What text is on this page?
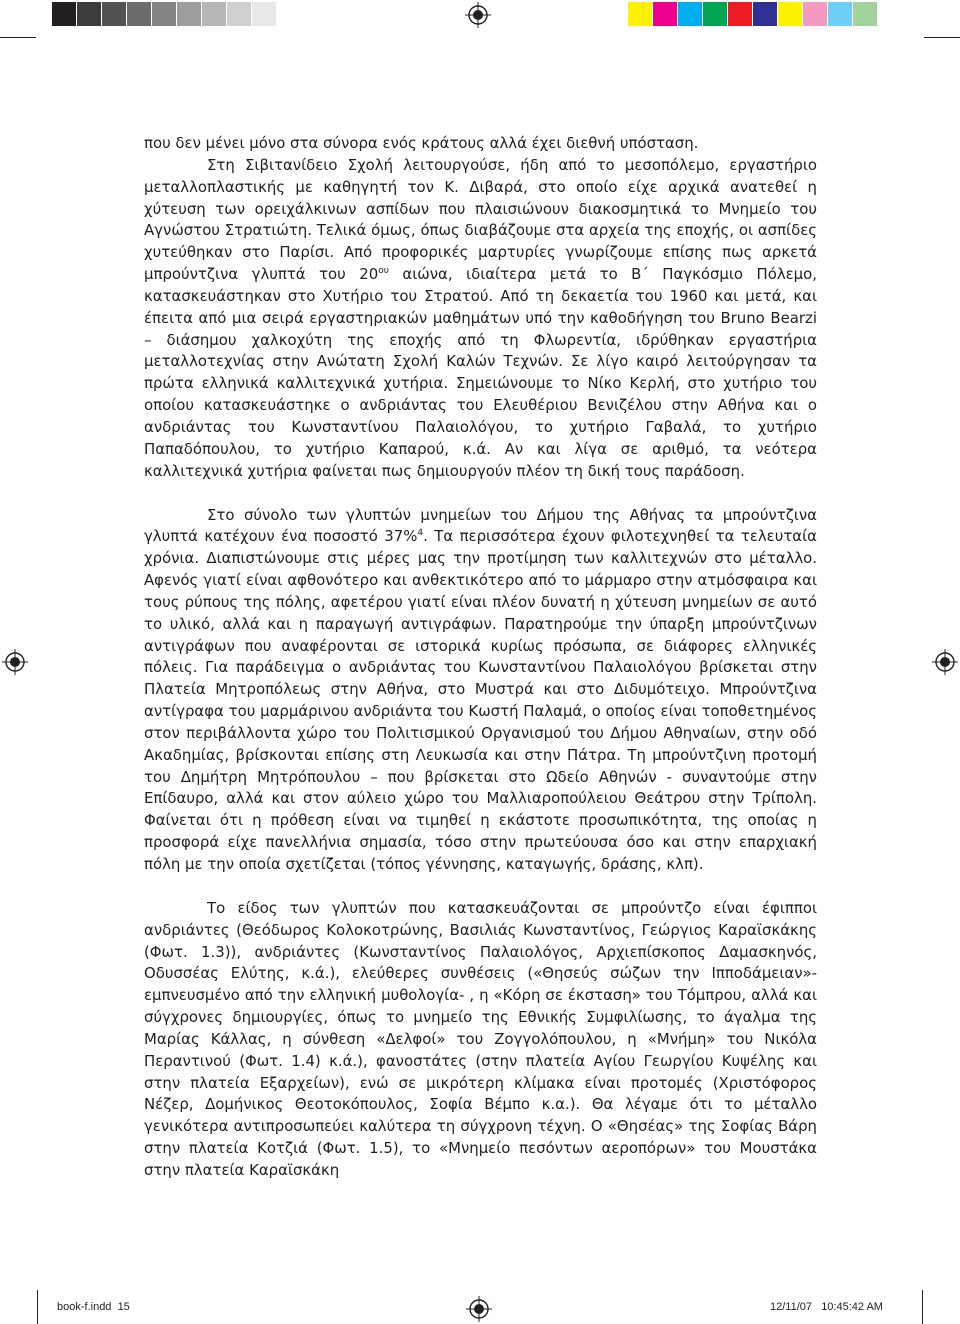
που δεν μένει μόνο στα σύνορα ενός κράτους αλλά έχει διεθνή υπόσταση.

Στη Σιβιτανίδειο Σχολή λειτουργούσε, ήδη από το μεσοπόλεμο, εργαστήριο μεταλλοπλαστικής με καθηγητή τον Κ. Διβαρά, στο οποίο είχε αρχικά ανατεθεί η χύτευση των ορειχάλκινων ασπίδων που πλαισιώνουν διακοσμητικά το Μνημείο του Αγνώστου Στρατιώτη. Τελικά όμως, όπως διαβάζουμε στα αρχεία της εποχής, οι ασπίδες χυτεύθηκαν στο Παρίσι. Από προφορικές μαρτυρίες γνωρίζουμε επίσης πως αρκετά μπρούντζινα γλυπτά του $20^{o\upsilon}$ αιώνα, ιδιαίτερα μετά το Β΄ Παγκόσμιο Πόλεμο, κατασκευάστηκαν στο Χυτήριο του Στρατού. Από τη δεκαετία του 1960 και μετά, και έπειτα από μια σειρά εργαστηριακών μαθημάτων υπό την καθοδήγηση του Bruno Bearzi – διάσημου χαλκοχύτη της εποχής από τη Φλωρεντία, ιδρύθηκαν εργαστήρια μεταλλοτεχνίας στην Ανώτατη Σχολή Καλών Τεχνών. Σε λίγο καιρό λειτούργησαν τα πρώτα ελληνικά καλλιτεχνικά χυτήρια. Σημειώνουμε το Νίκο Κερλή, στο χυτήριο του οποίου κατασκευάστηκε ο ανδριάντας του Ελευθέριου Βενιζέλου στην Αθήνα και ο ανδριάντας του Κωνσταντίνου Παλαιολόγου, το χυτήριο Γαβαλά, το χυτήριο Παπαδόπουλου, το χυτήριο Καπαρού, κ.ά. Αν και λίγα σε αριθμό, τα νεότερα καλλιτεχνικά χυτήρια φαίνεται πως δημιουργούν πλέον τη δική τους παράδοση.

Στο σύνολο των γλυπτών μνημείων του Δήμου της Αθήνας τα μπρούντζινα γλυπτά κατέχουν ένα ποσοστό 37%$^4$. Τα περισσότερα έχουν φιλοτεχνηθεί τα τελευταία χρόνια. Διαπιστώνουμε στις μέρες μας την προτίμηση των καλλιτεχνών στο μέταλλο. Αφενός γιατί είναι αφθονότερο και ανθεκτικότερο από το μάρμαρο στην ατμόσφαιρα και τους ρύπους της πόλης, αφετέρου γιατί είναι πλέον δυνατή η χύτευση μνημείων σε αυτό το υλικό, αλλά και η παραγωγή αντιγράφων. Παρατηρούμε την ύπαρξη μπρούντζινων αντιγράφων που αναφέρονται σε ιστορικά κυρίως πρόσωπα, σε διάφορες ελληνικές πόλεις. Για παράδειγμα ο ανδριάντας του Κωνσταντίνου Παλαιολόγου βρίσκεται στην Πλατεία Μητροπόλεως στην Αθήνα, στο Μυστρά και στο Διδυμότειχο. Μπρούντζινα αντίγραφα του μαρμάρινου ανδριάντα του Κωστή Παλαμά, ο οποίος είναι τοποθετημένος στον περιβάλλοντα χώρο του Πολιτισμικού Οργανισμού του Δήμου Αθηναίων, στην οδό Ακαδημίας, βρίσκονται επίσης στη Λευκωσία και στην Πάτρα. Τη μπρούντζινη προτομή του Δημήτρη Μητρόπουλου – που βρίσκεται στο Ωδείο Αθηνών - συναντούμε στην Επίδαυρο, αλλά και στον αύλειο χώρο του Μαλλιαροπούλειου Θεάτρου στην Τρίπολη. Φαίνεται ότι η πρόθεση είναι να τιμηθεί η εκάστοτε προσωπικότητα, της οποίας η προσφορά είχε πανελλήνια σημασία, τόσο στην πρωτεύουσα όσο και στην επαρχιακή πόλη με την οποία σχετίζεται (τόπος γέννησης, καταγωγής, δράσης, κλπ).

Το είδος των γλυπτών που κατασκευάζονται σε μπρούντζο είναι έφιπποι ανδριάντες (Θεόδωρος Κολοκοτρώνης, Βασιλιάς Κωνσταντίνος, Γεώργιος Καραϊσκάκης (Φωτ. 1.3)), ανδριάντες (Κωνσταντίνος Παλαιολόγος, Αρχιεπίσκοπος Δαμασκηνός, Οδυσσέας Ελύτης, κ.ά.), ελεύθερες συνθέσεις («Θησεύς σώζων την Ιπποδάμειαν»- εμπνευσμένο από την ελληνική μυθολογία- , η «Κόρη σε έκσταση» του Τόμπρου, αλλά και σύγχρονες δημιουργίες, όπως το μνημείο της Εθνικής Συμφιλίωσης, το άγαλμα της Μαρίας Κάλλας, η σύνθεση «Δελφοί» του Ζογγολόπουλου, η «Μνήμη» του Νικόλα Περαντινού (Φωτ. 1.4) κ.ά.), φανοστάτες (στην πλατεία Αγίου Γεωργίου Κυψέλης και στην πλατεία Εξαρχείων), ενώ σε μικρότερη κλίμακα είναι προτομές (Χριστόφορος Νέζερ, Δομήνικος Θεοτοκόπουλος, Σοφία Βέμπο κ.α.). Θα λέγαμε ότι το μέταλλο γενικότερα αντιπροσωπεύει καλύτερα τη σύγχρονη τέχνη. Ο «Θησέας» της Σοφίας Βάρη στην πλατεία Κοτζιά (Φωτ. 1.5), το «Μνημείο πεσόντων αεροπόρων» του Μουστάκα στην πλατεία Καραϊσκάκη

book-f.indd 15	12/11/07 10:45:42 AM
